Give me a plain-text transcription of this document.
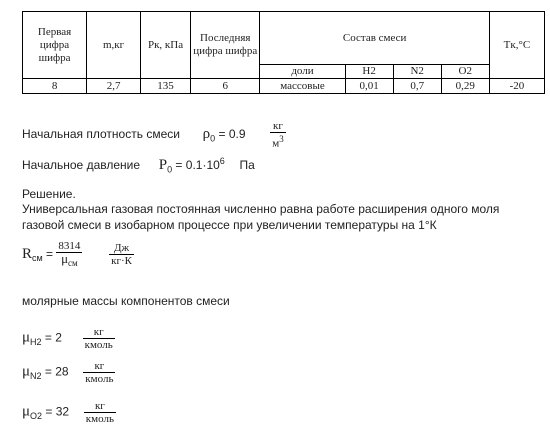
Первая цифра шифра	m,кг	Pк, кПа	Последняя цифра шифра	Состав смеси				Tк,°С
				доли	H2	N2	O2	
8	2,7	135	6	массовые	0,01	0,7	0,29	-20
Начальная плотность смеси $\rho_0 = 0.9 \frac{кг}{м^3}$
Начальное давление $P_0 = 0.1\cdot 10^6$ Па
Решение.
Универсальная газовая постоянная численно равна работе расширения одного моля
газовой смеси в изобарном процессе при увеличении температуры на 1°К
$R_{см} = \frac{8314}{\mu_{см}}$
$\frac{Дж}{кг\cdot К}$
молярные массы компонентов смеси
$\mu_{H2} = 2 \frac{кг}{\text{кмоль}}$
$\mu_{N2} = 28 \frac{кг}{\text{кмоль}}$
$\mu_{O2} = 32 \frac{кг}{\text{кмоль}}$
